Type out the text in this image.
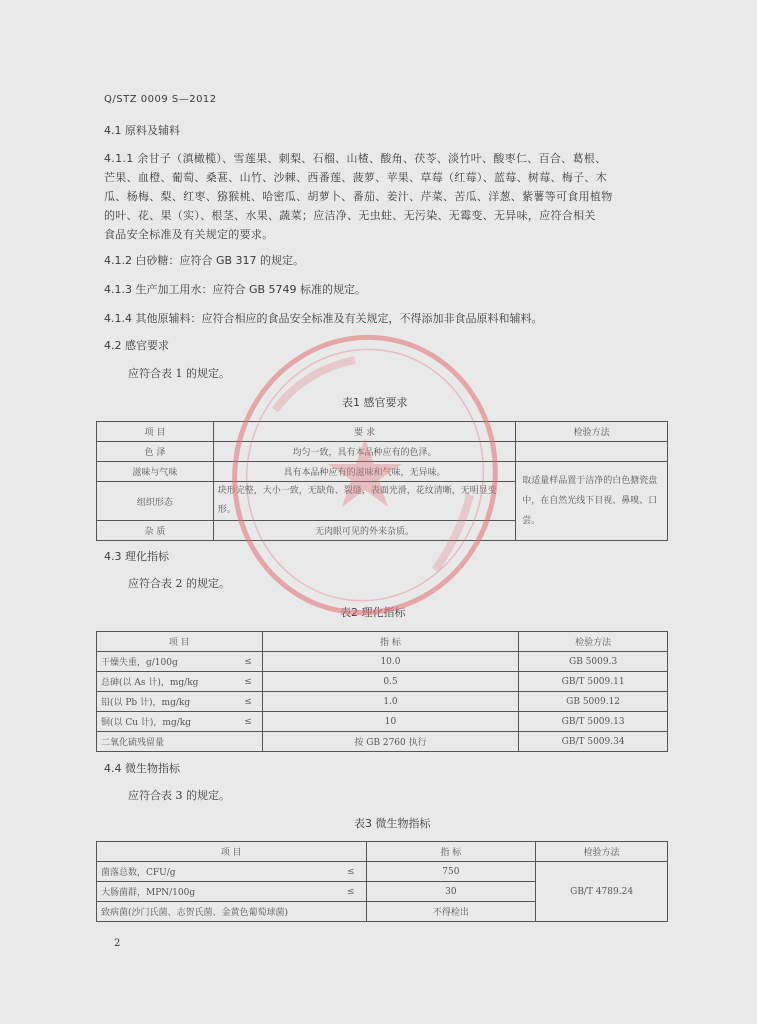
Q/STZ 0009 S—2012
4.1 原料及辅料
4.1.1 余甘子（滇橄榄）、雪莲果、刺梨、石榴、山楂、酸角、茯苓、淡竹叶、酸枣仁、百合、葛根、
芒果、血橙、葡萄、桑葚、山竹、沙棘、西番莲、菠萝、苹果、草莓（红莓）、蓝莓、树莓、梅子、木
瓜、杨梅、梨、红枣、猕猴桃、哈密瓜、胡萝卜、番茄、姜汁、芹菜、苦瓜、洋葱、紫薯等可食用植物
的叶、花、果（实）、根茎、水果、蔬菜；应洁净、无虫蛀、无污染、无霉变、无异味，应符合相关
食品安全标准及有关规定的要求。
4.1.2 白砂糖：应符合 GB 317 的规定。
4.1.3 生产加工用水：应符合 GB 5749 标准的规定。
4.1.4 其他原辅料：应符合相应的食品安全标准及有关规定，不得添加非食品原料和辅料。
4.2 感官要求
应符合表 1 的规定。
表1 感官要求
项 目	要 求	检验方法
色 泽	均匀一致，具有本品种应有的色泽。	
滋味与气味	具有本品种应有的滋味和气味，无异味。	取适量样品置于洁净的白色搪瓷盘中，在自然光线下目视、鼻嗅、口尝。
组织形态	块形完整，大小一致，无缺角、裂缝，表面光滑，花纹清晰，无明显变形。	
杂 质	无肉眼可见的外来杂质。	
4.3 理化指标
应符合表 2 的规定。
表2 理化指标
项 目		指 标	检验方法
干燥失重，g/100g	≤	10.0	GB 5009.3
总砷(以 As 计)，mg/kg	≤	0.5	GB/T 5009.11
铅(以 Pb 计)，mg/kg	≤	1.0	GB 5009.12
铜(以 Cu 计)，mg/kg	≤	10	GB/T 5009.13
二氧化硫残留量		按 GB 2760 执行	GB/T 5009.34
4.4 微生物指标
应符合表 3 的规定。
表3 微生物指标
项 目		指 标	检验方法
菌落总数，CFU/g	≤	750	GB/T 4789.24
大肠菌群，MPN/100g	≤	30	
致病菌(沙门氏菌、志贺氏菌、金黄色葡萄球菌)		不得检出	
2
